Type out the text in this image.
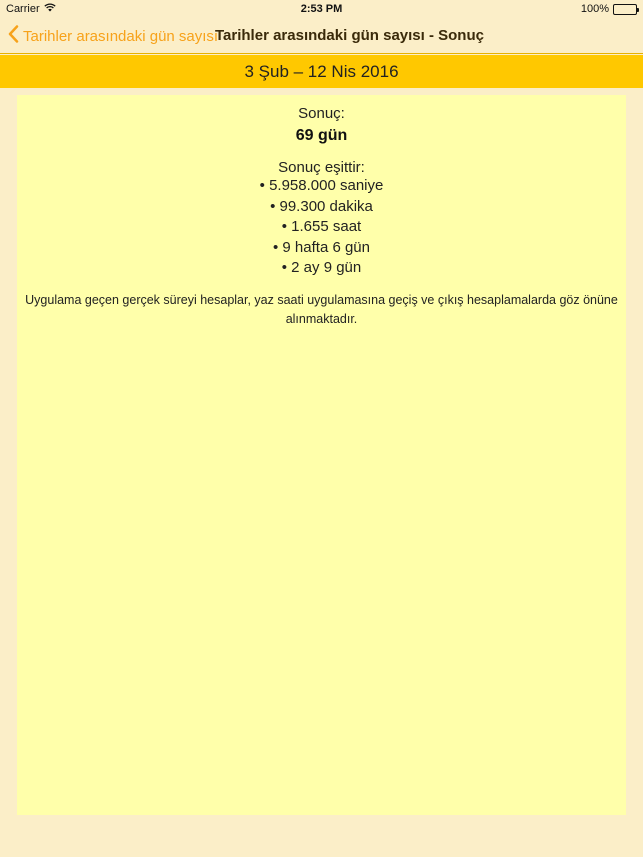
Carrier	2:53 PM	100%
Tarihler arasındaki gün sayısı
Tarihler arasındaki gün sayısı - Sonuç
3 Şub – 12 Nis 2016
Sonuç:
69 gün
Sonuç eşittir:
• 5.958.000 saniye
• 99.300 dakika
• 1.655 saat
• 9 hafta 6 gün
• 2 ay 9 gün
Uygulama geçen gerçek süreyi hesaplar, yaz saati uygulamasına geçiş ve çıkış hesaplamalarda göz önüne alınmaktadır.
